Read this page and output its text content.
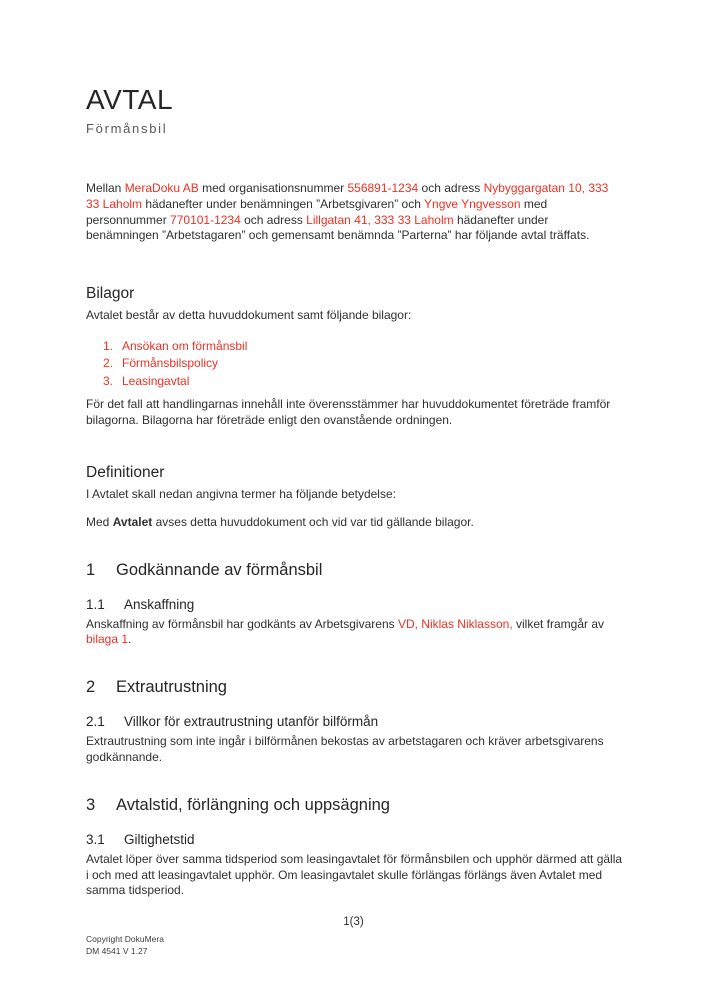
AVTAL
Förmånsbil

Mellan MeraDoku AB med organisationsnummer 556891-1234 och adress Nybyggargatan 10, 333 33 Laholm hädanefter under benämningen ”Arbetsgivaren” och Yngve Yngvesson med personnummer 770101-1234 och adress Lillgatan 41, 333 33 Laholm hädanefter under benämningen ”Arbetstagaren” och gemensamt benämnda ”Parterna” har följande avtal träffats.

Bilagor

Avtalet består av detta huvuddokument samt följande bilagor:

1. Ansökan om förmånsbil
2. Förmånsbilspolicy
3. Leasingavtal

För det fall att handlingarnas innehåll inte överensstämmer har huvuddokumentet företräde framför bilagorna. Bilagorna har företräde enligt den ovanstående ordningen.

Definitioner

I Avtalet skall nedan angivna termer ha följande betydelse:

Med Avtalet avses detta huvuddokument och vid var tid gällande bilagor.

1 Godkännande av förmånsbil
1.1 Anskaffning

Anskaffning av förmånsbil har godkänts av Arbetsgivarens VD, Niklas Niklasson, vilket framgår av bilaga 1.

2 Extrautrustning
2.1 Villkor för extrautrustning utanför bilförmån

Extrautrustning som inte ingår i bilförmånen bekostas av arbetstagaren och kräver arbetsgivarens godkännande.

3 Avtalstid, förlängning och uppsägning
3.1 Giltighetstid

Avtalet löper över samma tidsperiod som leasingavtalet för förmånsbilen och upphör därmed att gälla i och med att leasingavtalet upphör. Om leasingavtalet skulle förlängas förlängs även Avtalet med samma tidsperiod.

1(3)
Copyright DokuMera
DM 4541 V 1.27
